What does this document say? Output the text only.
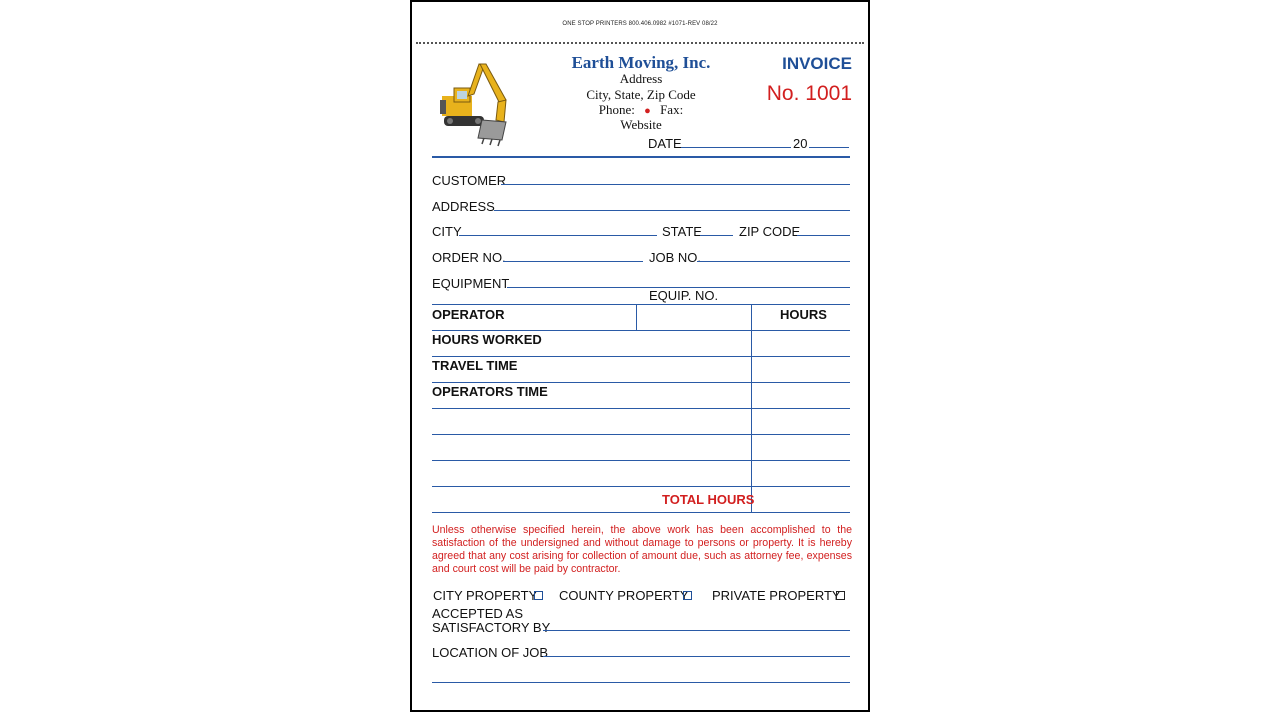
ONE STOP PRINTERS 800.406.0982 #1071-REV 08/22
Earth Moving, Inc.
Address
City, State, Zip Code
Phone: ● Fax:
Website
INVOICE
No. 1001
DATE	20
CUSTOMER
ADDRESS
CITY	STATE	ZIP CODE
ORDER NO.	JOB NO.
EQUIPMENT
EQUIP. NO.
OPERATOR	HOURS
HOURS WORKED
TRAVEL TIME
OPERATORS TIME
TOTAL HOURS
Unless otherwise specified herein, the above work has been accomplished to the satisfaction of the undersigned and without damage to persons or property. It is hereby agreed that any cost arising for collection of amount due, such as attorney fee, expenses and court cost will be paid by contractor.
CITY PROPERTY COUNTY PROPERTY PRIVATE PROPERTY
ACCEPTED AS
SATISFACTORY BY
LOCATION OF JOB
